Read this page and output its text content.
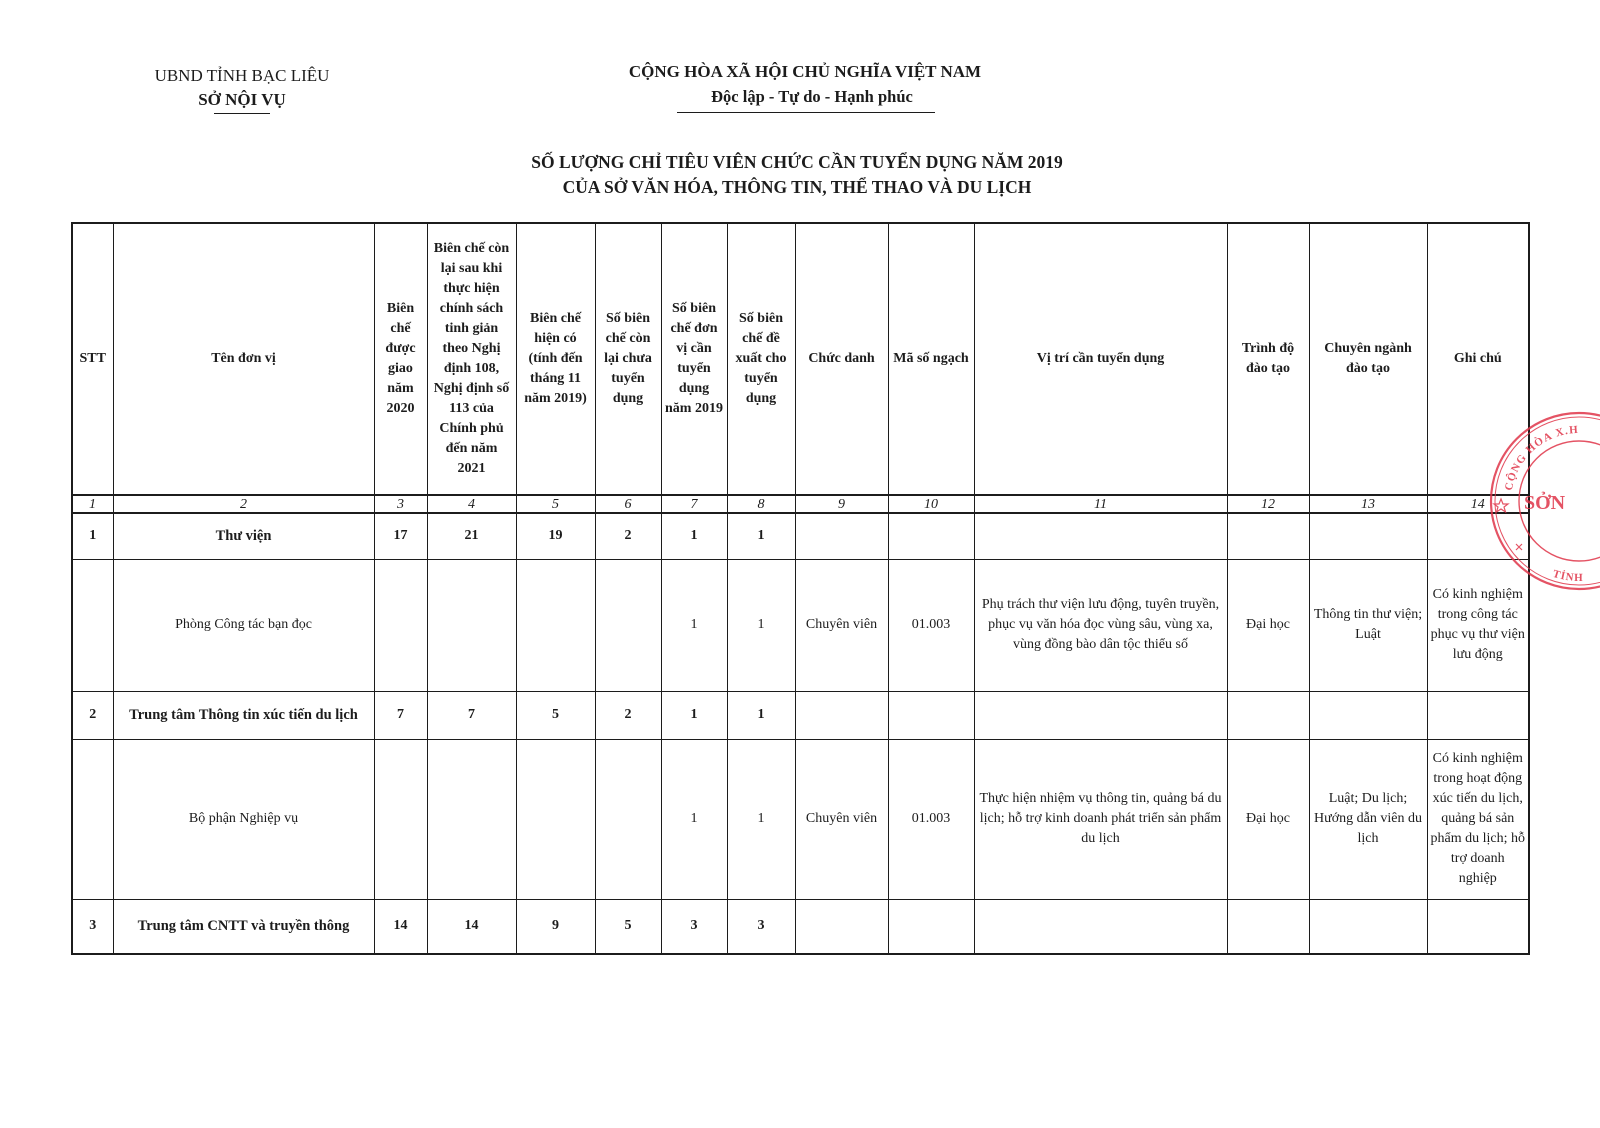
UBND TỈNH BẠC LIÊU
SỞ NỘI VỤ
CỘNG HÒA XÃ HỘI CHỦ NGHĨA VIỆT NAM
Độc lập - Tự do - Hạnh phúc
SỐ LƯỢNG CHỈ TIÊU VIÊN CHỨC CẦN TUYỂN DỤNG NĂM 2019
CỦA SỞ VĂN HÓA, THÔNG TIN, THỂ THAO VÀ DU LỊCH
STT	Tên đơn vị	Biên chế được giao năm 2020	Biên chế còn lại sau khi thực hiện chính sách tinh giản theo Nghị định 108, Nghị định số 113 của Chính phủ đến năm 2021	Biên chế hiện có (tính đến tháng 11 năm 2019)	Số biên chế còn lại chưa tuyển dụng	Số biên chế đơn vị cần tuyển dụng năm 2019	Số biên chế đề xuất cho tuyển dụng	Chức danh	Mã số ngạch	Vị trí cần tuyển dụng	Trình độ đào tạo	Chuyên ngành đào tạo	Ghi chú
1	2	3	4	5	6	7	8	9	10	11	12	13	14
1	Thư viện	17	21	19	2	1	1						
	Phòng Công tác bạn đọc					1	1	Chuyên viên	01.003	Phụ trách thư viện lưu động, tuyên truyền, phục vụ văn hóa đọc vùng sâu, vùng xa, vùng đồng bào dân tộc thiểu số	Đại học	Thông tin thư viện; Luật	Có kinh nghiệm trong công tác phục vụ thư viện lưu động
2	Trung tâm Thông tin xúc tiến du lịch	7	7	5	2	1	1						
	Bộ phận Nghiệp vụ					1	1	Chuyên viên	01.003	Thực hiện nhiệm vụ thông tin, quảng bá du lịch; hỗ trợ kinh doanh phát triển sản phẩm du lịch	Đại học	Luật; Du lịch; Hướng dẫn viên du lịch	Có kinh nghiệm trong hoạt động xúc tiến du lịch, quảng bá sản phẩm du lịch; hỗ trợ doanh nghiệp
3	Trung tâm CNTT và truyền thông	14	14	9	5	3	3						
CỘNG HÒA X.H
TỈNH
SỞN
